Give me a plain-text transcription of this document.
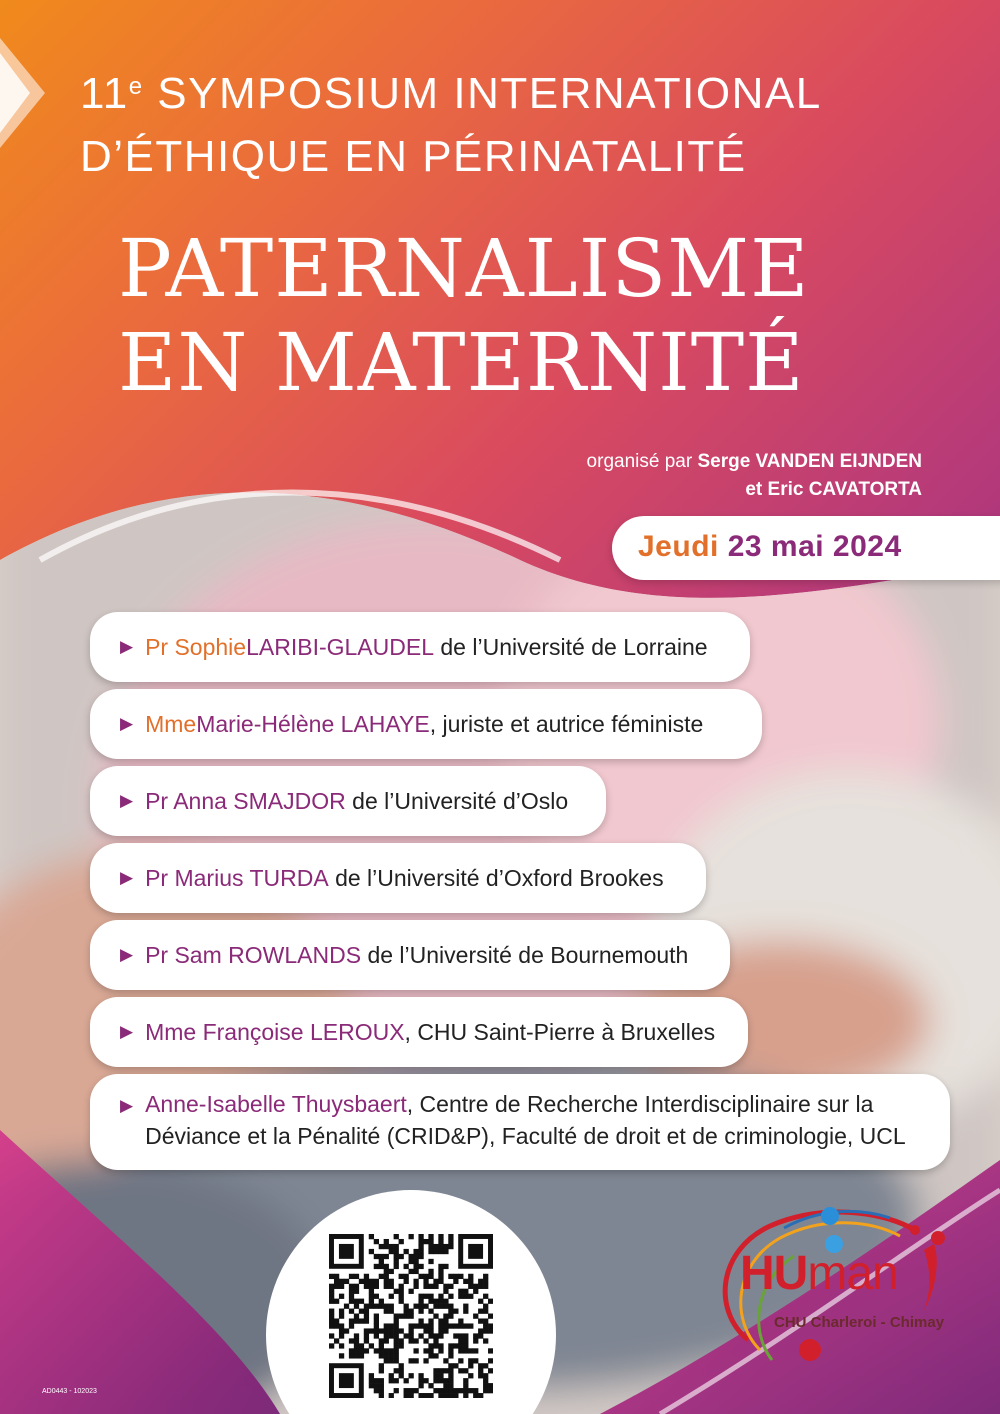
11e SYMPOSIUM INTERNATIONAL
D’ÉTHIQUE EN PÉRINATALITÉ
PATERNALISME
EN MATERNITÉ
organisé par Serge VANDEN EIJNDEN
et Eric CAVATORTA
Jeudi 23 mai 2024
▶ Pr Sophie LARIBI-GLAUDEL de l’Université de Lorraine
▶ Mme Marie-Hélène LAHAYE , juriste et autrice féministe
▶ Pr Anna SMAJDOR de l’Université d’Oslo
▶ Pr Marius TURDA de l’Université d’Oxford Brookes
▶ Pr Sam ROWLANDS de l’Université de Bournemouth
▶ Mme Françoise LEROUX , CHU Saint-Pierre à Bruxelles
▶ Anne-Isabelle Thuysbaert, Centre de Recherche Interdisciplinaire sur la
Déviance et la Pénalité (CRID&P), Faculté de droit et de criminologie, UCL
AD0443 - 102023
HUman
CHU Charleroi - Chimay
